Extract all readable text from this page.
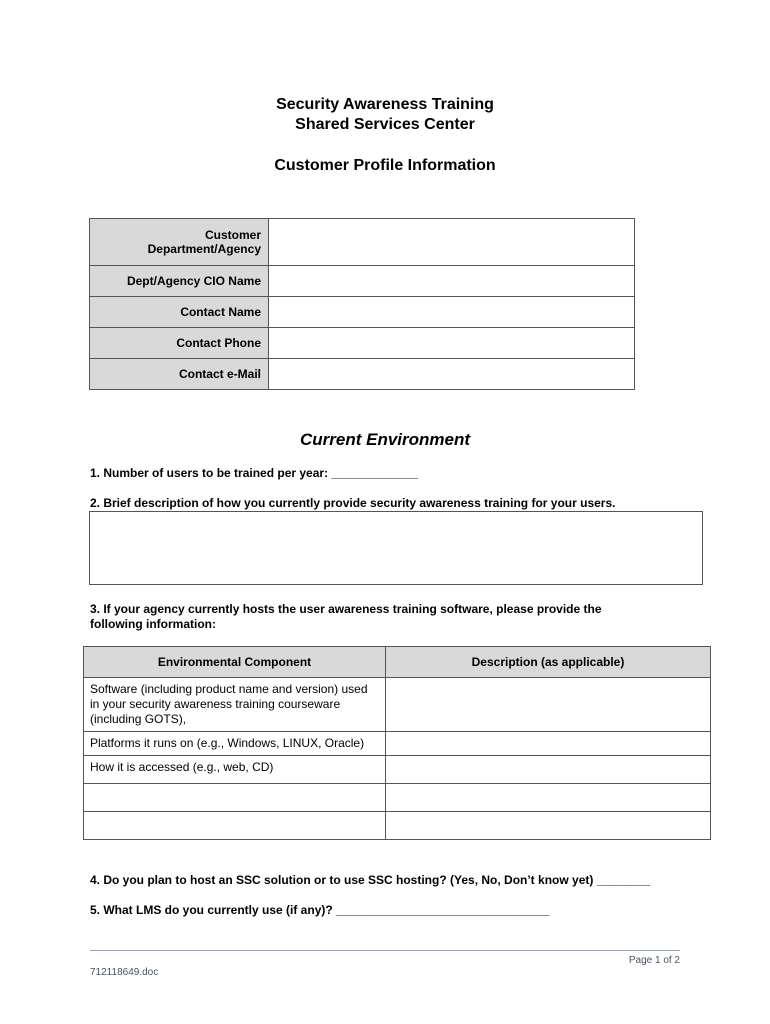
Security Awareness Training
Shared Services Center
Customer Profile Information
Customer Department/Agency	
Dept/Agency CIO Name	
Contact Name	
Contact Phone	
Contact e-Mail	
Current Environment
1. Number of users to be trained per year: _____________
2. Brief description of how you currently provide security awareness training for your users.
3. If your agency currently hosts the user awareness training software, please provide the following information:
Environmental Component	Description (as applicable)
Software (including product name and version) used in your security awareness training courseware (including GOTS),	
Platforms it runs on (e.g., Windows, LINUX, Oracle)	
How it is accessed (e.g., web, CD)	

4. Do you plan to host an SSC solution or to use SSC hosting? (Yes, No, Don’t know yet) ________
5. What LMS do you currently use (if any)? ________________________________
Page 1 of 2
712118649.doc
